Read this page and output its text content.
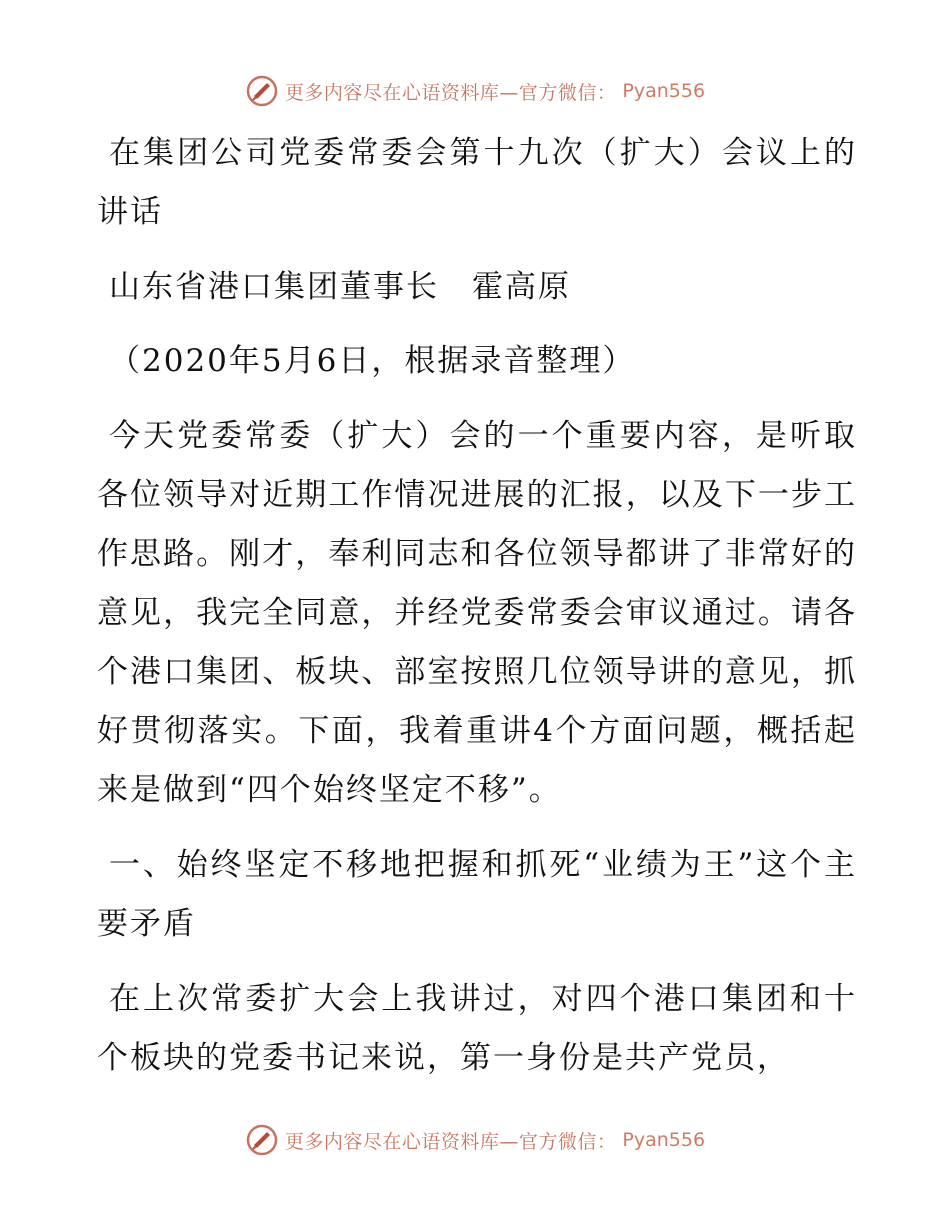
更多内容尽在心语资料库—官方微信： Pyan556

在集团公司党委常委会第十九次（扩大）会议上的讲话

山东省港口集团董事长　霍高原

（2020年5月6日，根据录音整理）

今天党委常委（扩大）会的一个重要内容，是听取各位领导对近期工作情况进展的汇报，以及下一步工作思路。刚才，奉利同志和各位领导都讲了非常好的意见，我完全同意，并经党委常委会审议通过。请各个港口集团、板块、部室按照几位领导讲的意见，抓好贯彻落实。下面，我着重讲4个方面问题，概括起来是做到“四个始终坚定不移”。

一、始终坚定不移地把握和抓死“业绩为王”这个主要矛盾

在上次常委扩大会上我讲过，对四个港口集团和十个板块的党委书记来说，第一身份是共产党员，

更多内容尽在心语资料库—官方微信： Pyan556
